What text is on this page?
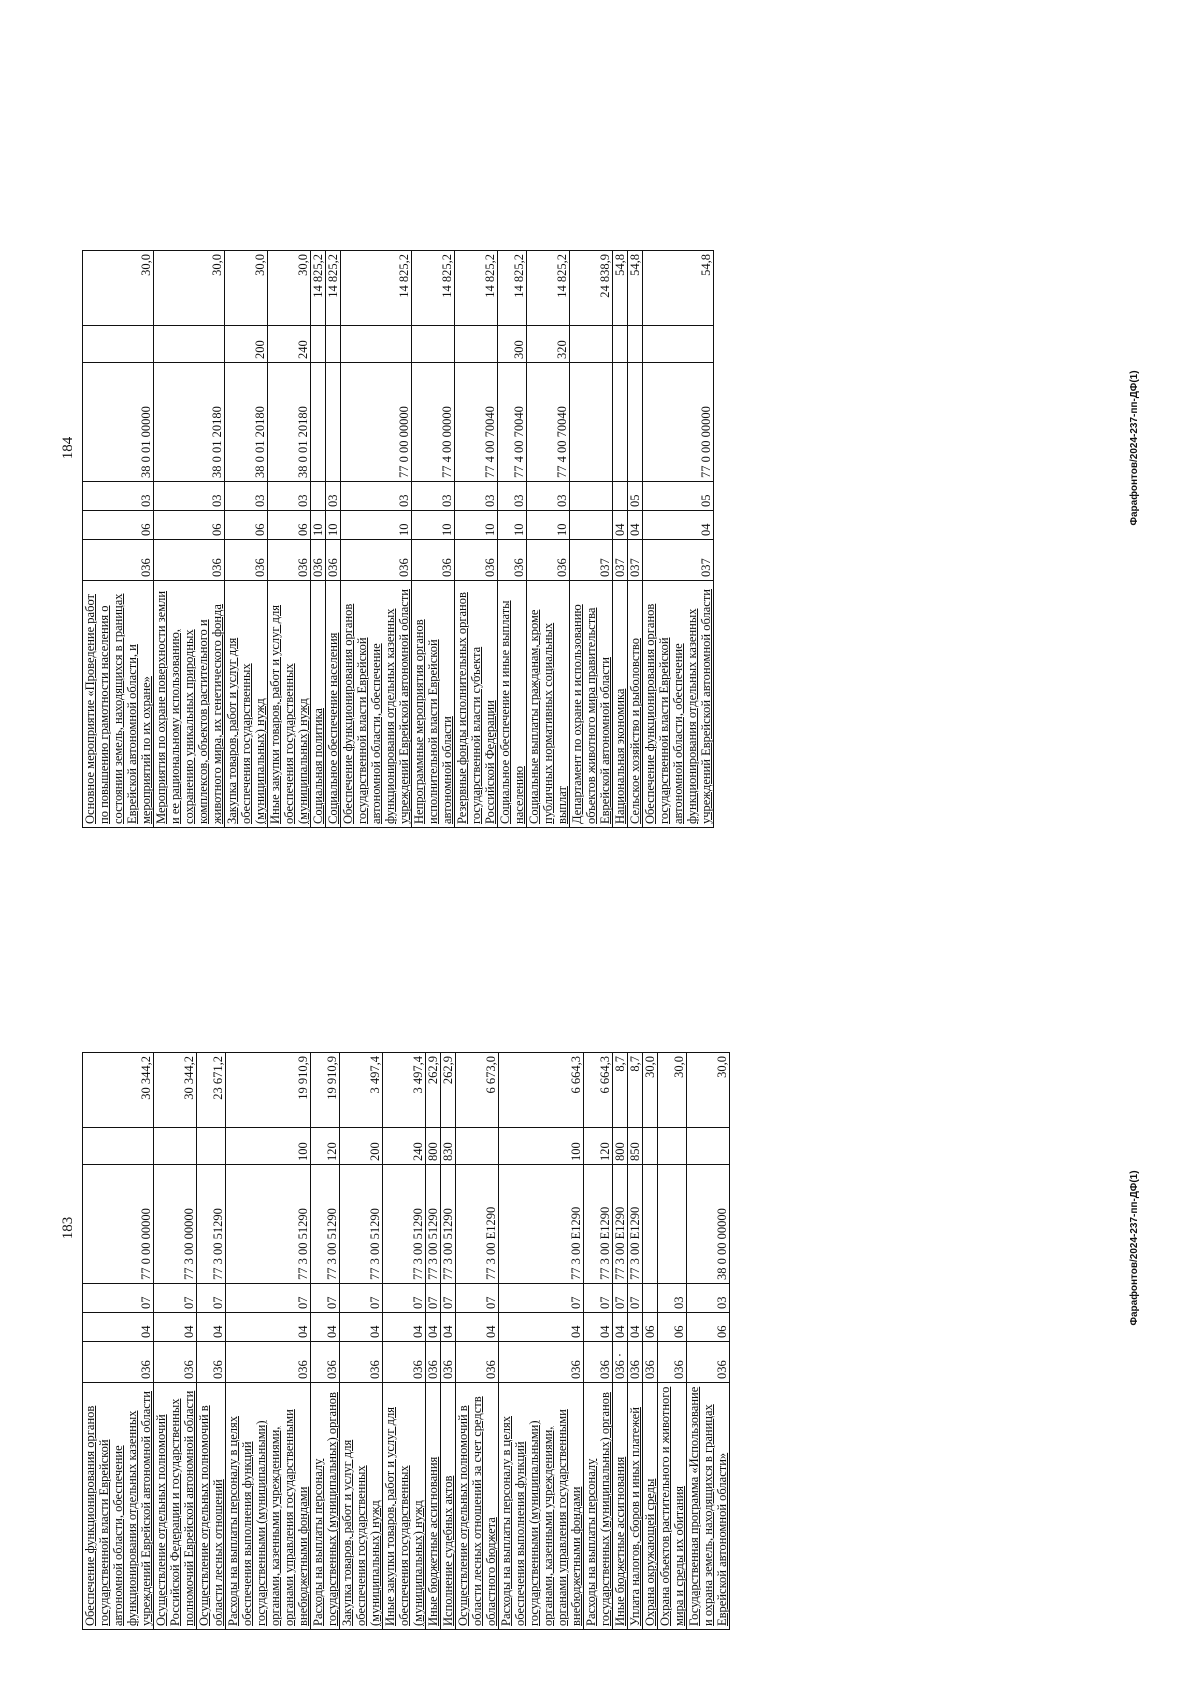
183
Обеспечение функционирования органов государственной власти Еврейской автономной области, обеспечение функционирования отдельных казенных учреждений Еврейской автономной области	036	04	07	77 0 00 00000		30 344,2
Осуществление отдельных полномочий Российской Федерации и государственных полномочий Еврейской автономной области	036	04	07	77 3 00 00000		30 344,2
Осуществление отдельных полномочий в области лесных отношений	036	04	07	77 3 00 51290		23 671,2
Расходы на выплаты персоналу в целях обеспечения выполнения функций государственными (муниципальными) органами, казенными учреждениями, органами управления государственными внебюджетными фондами	036	04	07	77 3 00 51290	100	19 910,9
Расходы на выплаты персоналу государственных (муниципальных) органов	036	04	07	77 3 00 51290	120	19 910,9
Закупка товаров, работ и услуг для обеспечения государственных (муниципальных) нужд	036	04	07	77 3 00 51290	200	3 497,4
Иные закупки товаров, работ и услуг для обеспечения государственных (муниципальных) нужд	036	04	07	77 3 00 51290	240	3 497,4
Иные бюджетные ассигнования	036	04	07	77 3 00 51290	800	262,9
Исполнение судебных актов	036	04	07	77 3 00 51290	830	262,9
Осуществление отдельных полномочий в области лесных отношений за счет средств областного бюджета	036	04	07	77 3 00 Е1290		6 673,0
Расходы на выплаты персоналу в целях обеспечения выполнения функций государственными (муниципальными) органами, казенными учреждениями, органами управления государственными внебюджетными фондами	036	04	07	77 3 00 Е1290	100	6 664,3
Расходы на выплаты персоналу государственных (муниципальных) органов	036	04	07	77 3 00 Е1290	120	6 664,3
Иные бюджетные ассигнования	036 ·	04	07	77 3 00 Е1290	800	8,7
Уплата налогов, сборов и иных платежей	036	04	07	77 3 00 Е1290	850	8,7
Охрана окружающей среды	036	06				30,0
Охрана объектов растительного и животного мира и среды их обитания	036	06	03			30,0
Государственная программа «Использование и охрана земель, находящихся в границах Еврейской автономной области»	036	06	03	38 0 00 00000		30,0
Фарафонтов/2024-237-пп-ДФ(1)
184
Основное мероприятие «Проведение работ по повышению грамотности населения о состоянии земель, находящихся в границах Еврейской автономной области, и мероприятий по их охране»	036	06	03	38 0 01 00000		30,0
Мероприятия по охране поверхности земли и ее рациональному использованию, сохранению уникальных природных комплексов, объектов растительного и животного мира, их генетического фонда	036	06	03	38 0 01 20180		30,0
Закупка товаров, работ и услуг для обеспечения государственных (муниципальных) нужд	036	06	03	38 0 01 20180	200	30,0
Иные закупки товаров, работ и услуг для обеспечения государственных (муниципальных) нужд	036	06	03	38 0 01 20180	240	30,0
Социальная политика	036	10				14 825,2
Социальное обеспечение населения	036	10	03			14 825,2
Обеспечение функционирования органов государственной власти Еврейской автономной области, обеспечение функционирования отдельных казенных учреждений Еврейской автономной области	036	10	03	77 0 00 00000		14 825,2
Непрограммные мероприятия органов исполнительной власти Еврейской автономной области	036	10	03	77 4 00 00000		14 825,2
Резервные фонды исполнительных органов государственной власти субъекта Российской Федерации	036	10	03	77 4 00 70040		14 825,2
Социальное обеспечение и иные выплаты населению	036	10	03	77 4 00 70040	300	14 825,2
Социальные выплаты гражданам, кроме публичных нормативных социальных выплат	036	10	03	77 4 00 70040	320	14 825,2
Департамент по охране и использованию объектов животного мира правительства Еврейской автономной области	037					24 838,9
Национальная экономика	037	04				54,8
Сельское хозяйство и рыболовство	037	04	05			54,8
Обеспечение функционирования органов государственной власти Еврейской автономной области, обеспечение функционирования отдельных казенных учреждений Еврейской автономной области	037	04	05	77 0 00 00000		54,8
Фарафонтов/2024-237-пп-ДФ(1)
